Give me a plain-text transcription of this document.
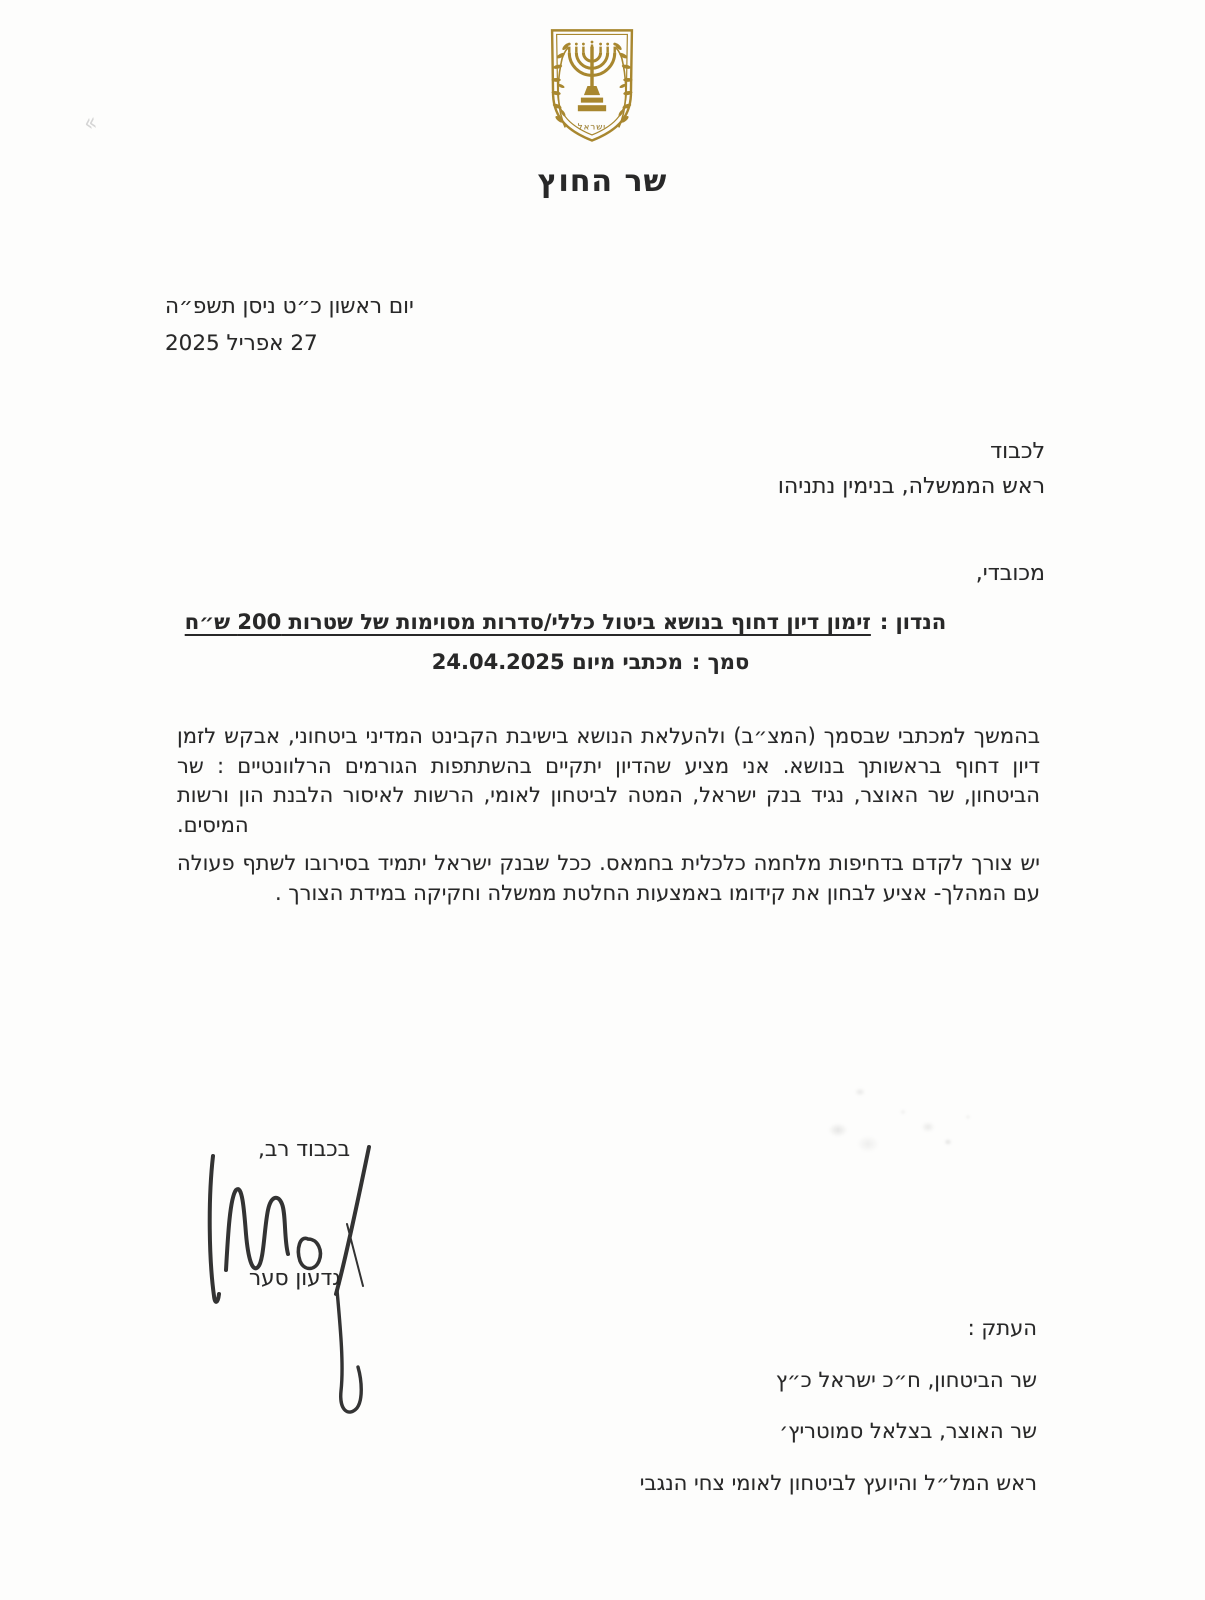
ישראל
«
שר החוץ
יום ראשון כ״ט ניסן תשפ״ה
27 אפריל 2025
לכבוד
ראש הממשלה, בנימין נתניהו
מכובדי,
הנדון :זימון דיון דחוף בנושא ביטול כללי/סדרות מסוימות של שטרות 200 ש״ח
סמך :מכתבי מיום 24.04.2025
בהמשך למכתבי שבסמך (המצ״ב) ולהעלאת הנושא בישיבת הקבינט המדיני ביטחוני, אבקש לזמן
דיון דחוף בראשותך בנושא. אני מציע שהדיון יתקיים בהשתתפות הגורמים הרלוונטיים : שר
הביטחון, שר האוצר, נגיד בנק ישראל, המטה לביטחון לאומי, הרשות לאיסור הלבנת הון ורשות
המיסים.
יש צורך לקדם בדחיפות מלחמה כלכלית בחמאס. ככל שבנק ישראל יתמיד בסירובו לשתף פעולה
עם המהלך- אציע לבחון את קידומו באמצעות החלטת ממשלה וחקיקה במידת הצורך .
בכבוד רב,
גדעון סער
העתק :
שר הביטחון, ח״כ ישראל כ״ץ
שר האוצר, בצלאל סמוטריץ׳
ראש המל״ל והיועץ לביטחון לאומי צחי הנגבי
